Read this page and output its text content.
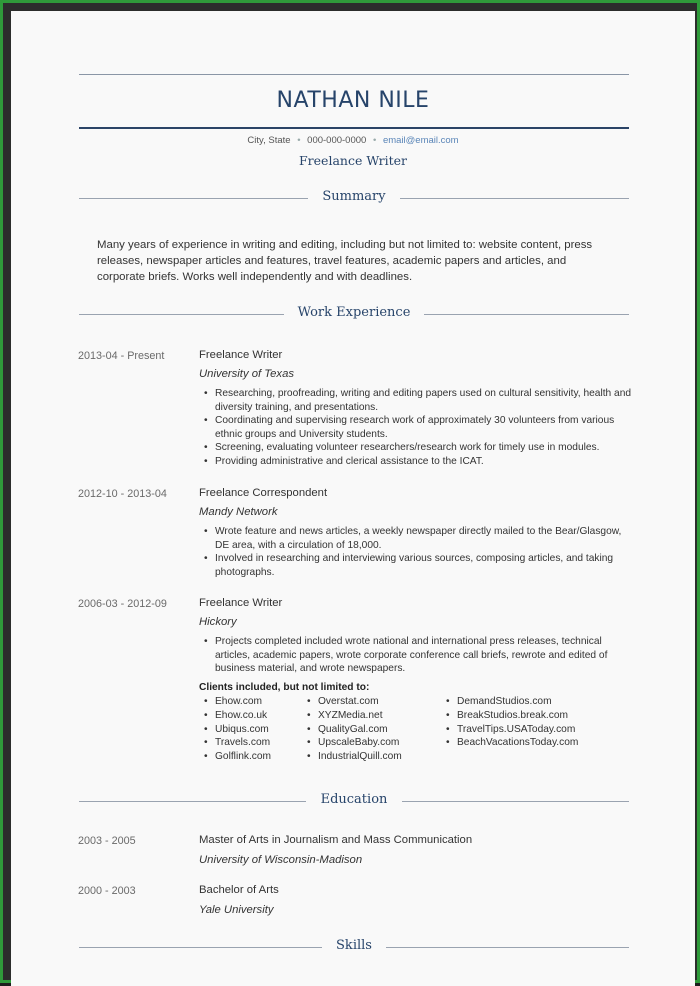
NATHAN NILE
City, State • 000-000-0000 • email@email.com
Freelance Writer
Summary
Many years of experience in writing and editing, including but not limited to: website content, press releases, newspaper articles and features, travel features, academic papers and articles, and corporate briefs. Works well independently and with deadlines.
Work Experience
2013-04 - Present	Freelance Writer
University of Texas
• Researching, proofreading, writing and editing papers used on cultural sensitivity, health and diversity training, and presentations.
• Coordinating and supervising research work of approximately 30 volunteers from various ethnic groups and University students.
• Screening, evaluating volunteer researchers/research work for timely use in modules.
• Providing administrative and clerical assistance to the ICAT.
2012-10 - 2013-04	Freelance Correspondent
Mandy Network
• Wrote feature and news articles, a weekly newspaper directly mailed to the Bear/Glasgow, DE area, with a circulation of 18,000.
• Involved in researching and interviewing various sources, composing articles, and taking photographs.
2006-03 - 2012-09	Freelance Writer
Hickory
• Projects completed included wrote national and international press releases, technical articles, academic papers, wrote corporate conference call briefs, rewrote and edited of business material, and wrote newspapers.
Clients included, but not limited to:
• Ehow.com
• Ehow.co.uk
• Ubiqus.com
• Travels.com
• Golflink.com
• Overstat.com
• XYZMedia.net
• QualityGal.com
• UpscaleBaby.com
• IndustrialQuill.com
• DemandStudios.com
• BreakStudios.break.com
• TravelTips.USAToday.com
• BeachVacationsToday.com
Education
2003 - 2005	Master of Arts in Journalism and Mass Communication
University of Wisconsin-Madison
2000 - 2003	Bachelor of Arts
Yale University
Skills
